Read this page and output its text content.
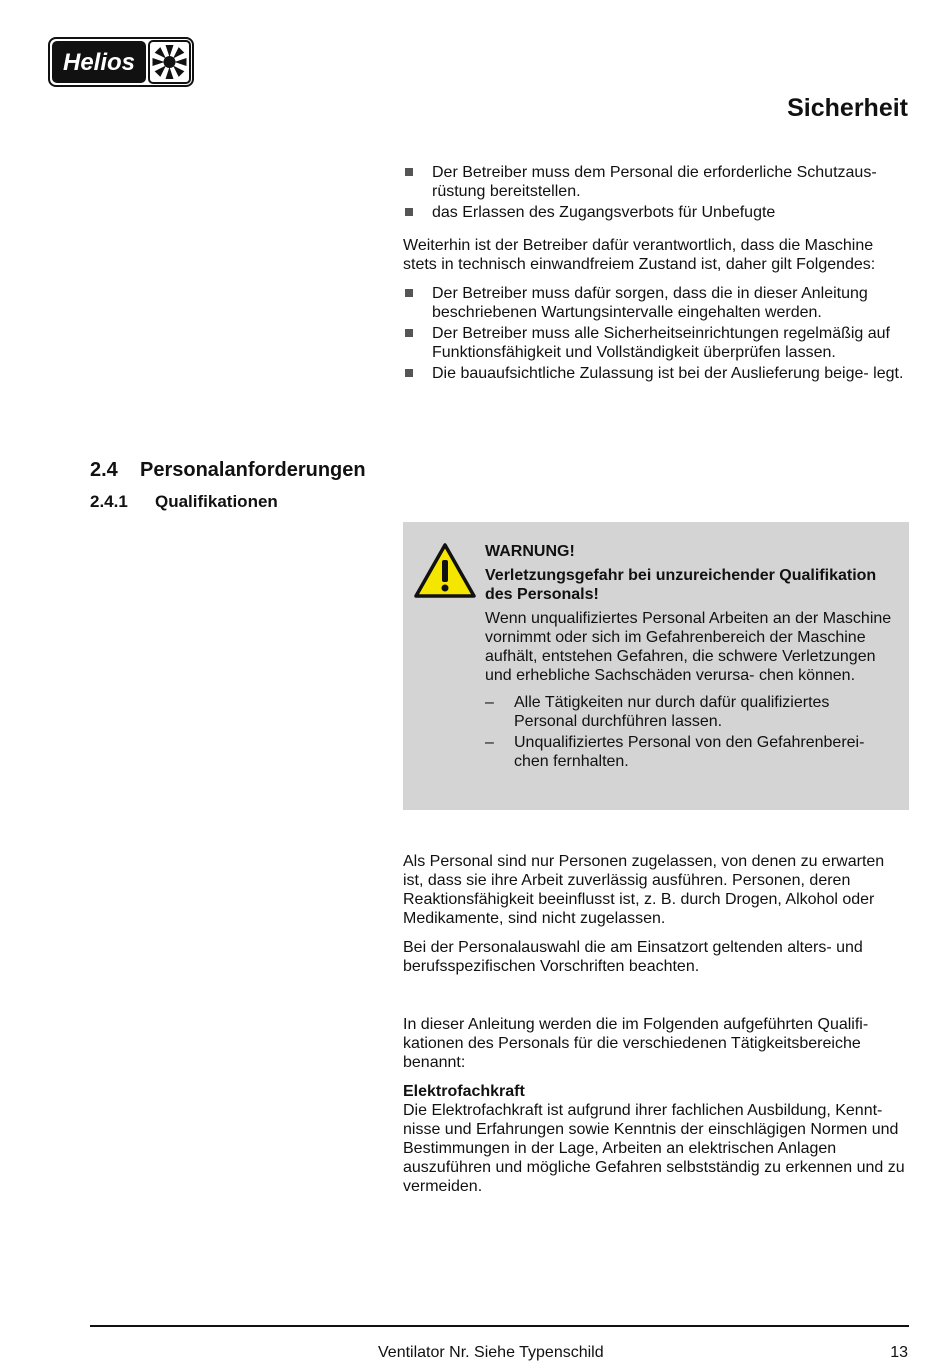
Helios
Sicherheit
Der Betreiber muss dem Personal die erforderliche Schutzaus- rüstung bereitstellen.
das Erlassen des Zugangsverbots für Unbefugte

Weiterhin ist der Betreiber dafür verantwortlich, dass die Maschine stets in technisch einwandfreiem Zustand ist, daher gilt Folgendes:

Der Betreiber muss dafür sorgen, dass die in dieser Anleitung beschriebenen Wartungsintervalle eingehalten werden.
Der Betreiber muss alle Sicherheitseinrichtungen regelmäßig auf Funktionsfähigkeit und Vollständigkeit überprüfen lassen.
Die bauaufsichtliche Zulassung ist bei der Auslieferung beige- legt.
2.4 Personalanforderungen
2.4.1 Qualifikationen

WARNUNG!

Verletzungsgefahr bei unzureichender Qualifikation des Personals!

Wenn unqualifiziertes Personal Arbeiten an der Maschine vornimmt oder sich im Gefahrenbereich der Maschine aufhält, entstehen Gefahren, die schwere Verletzungen und erhebliche Sachschäden verursa- chen können.

– Alle Tätigkeiten nur durch dafür qualifiziertes Personal durchführen lassen.
– Unqualifiziertes Personal von den Gefahrenberei- chen fernhalten.

Als Personal sind nur Personen zugelassen, von denen zu erwarten ist, dass sie ihre Arbeit zuverlässig ausführen. Personen, deren Reaktionsfähigkeit beeinflusst ist, z. B. durch Drogen, Alkohol oder Medikamente, sind nicht zugelassen.

Bei der Personalauswahl die am Einsatzort geltenden alters- und berufsspezifischen Vorschriften beachten.

In dieser Anleitung werden die im Folgenden aufgeführten Qualifi- kationen des Personals für die verschiedenen Tätigkeitsbereiche benannt:

Elektrofachkraft

Die Elektrofachkraft ist aufgrund ihrer fachlichen Ausbildung, Kennt- nisse und Erfahrungen sowie Kenntnis der einschlägigen Normen und Bestimmungen in der Lage, Arbeiten an elektrischen Anlagen auszuführen und mögliche Gefahren selbstständig zu erkennen und zu vermeiden.

Ventilator Nr. Siehe Typenschild	13
